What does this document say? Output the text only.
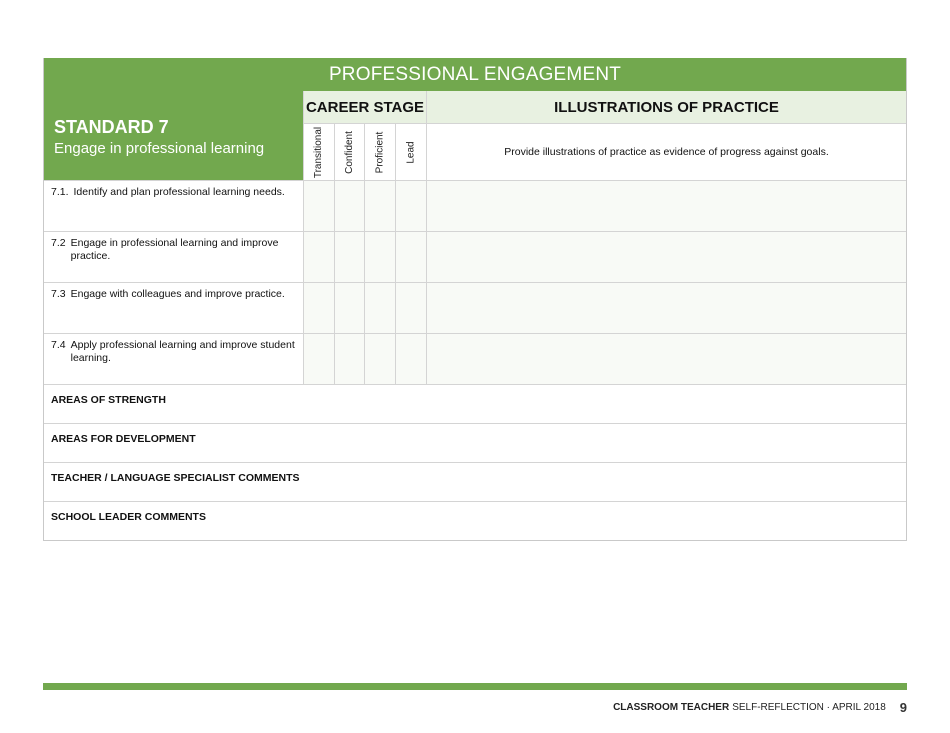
PROFESSIONAL ENGAGEMENT
STANDARD 7
Engage in professional learning
CAREER STAGE	ILLUSTRATIONS OF PRACTICE
Transitional Confident Proficient Lead	Provide illustrations of practice as evidence of progress against goals.
7.1. Identify and plan professional learning needs.
7.2 Engage in professional learning and improve practice.
7.3 Engage with colleagues and improve practice.
7.4 Apply professional learning and improve student learning.
AREAS OF STRENGTH
AREAS FOR DEVELOPMENT
TEACHER / LANGUAGE SPECIALIST COMMENTS
SCHOOL LEADER COMMENTS
CLASSROOM TEACHER SELF-REFLECTION · APRIL 2018 9
